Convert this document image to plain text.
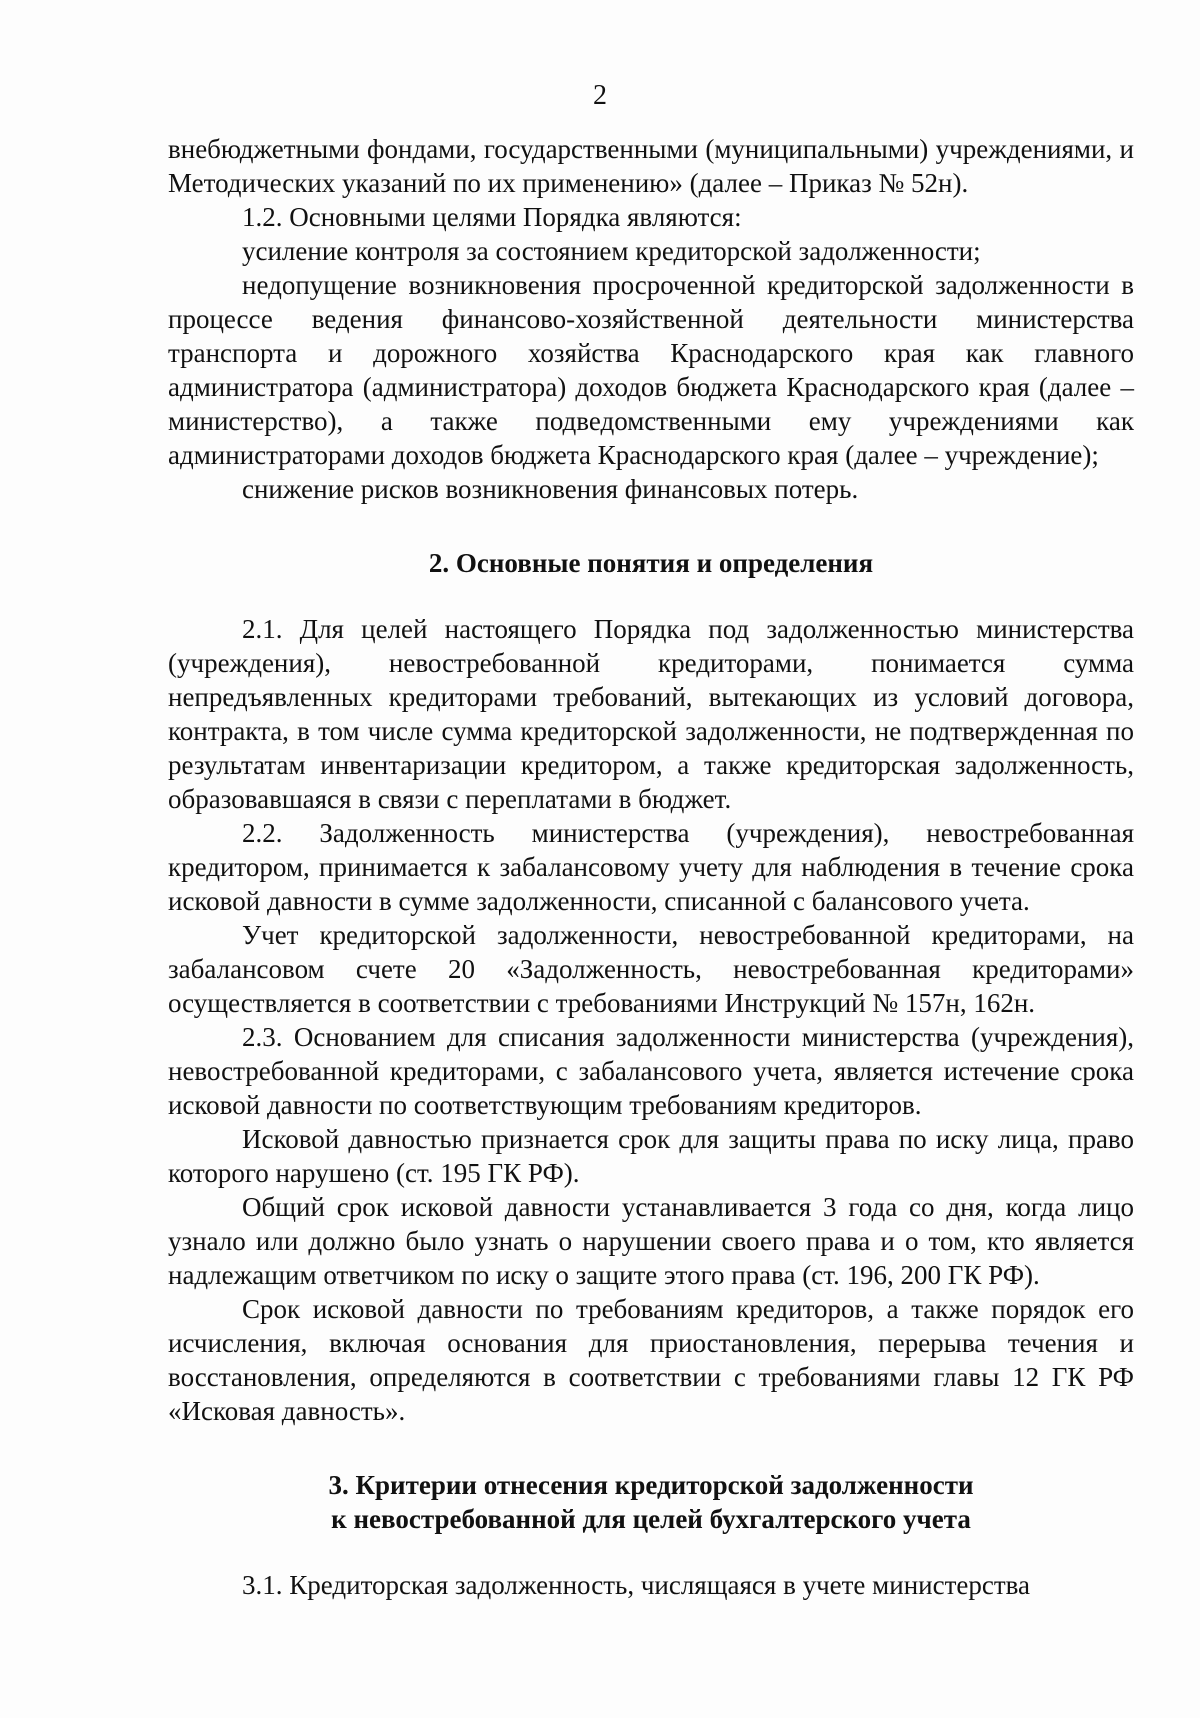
2

внебюджетными фондами, государственными (муниципальными) учреждениями, и Методических указаний по их применению» (далее – Приказ № 52н).

1.2. Основными целями Порядка являются:

усиление контроля за состоянием кредиторской задолженности;

недопущение возникновения просроченной кредиторской задолженности в процессе ведения финансово-хозяйственной деятельности министерства транспорта и дорожного хозяйства Краснодарского края как главного администратора (администратора) доходов бюджета Краснодарского края (далее – министерство), а также подведомственными ему учреждениями как администраторами доходов бюджета Краснодарского края (далее – учреждение);

снижение рисков возникновения финансовых потерь.

2. Основные понятия и определения

2.1. Для целей настоящего Порядка под задолженностью министерства (учреждения), невостребованной кредиторами, понимается сумма непредъявленных кредиторами требований, вытекающих из условий договора, контракта, в том числе сумма кредиторской задолженности, не подтвержденная по результатам инвентаризации кредитором, а также кредиторская задолженность, образовавшаяся в связи с переплатами в бюджет.

2.2. Задолженность министерства (учреждения), невостребованная кредитором, принимается к забалансовому учету для наблюдения в течение срока исковой давности в сумме задолженности, списанной с балансового учета.

Учет кредиторской задолженности, невостребованной кредиторами, на забалансовом счете 20 «Задолженность, невостребованная кредиторами» осуществляется в соответствии с требованиями Инструкций № 157н, 162н.

2.3. Основанием для списания задолженности министерства (учреждения), невостребованной кредиторами, с забалансового учета, является истечение срока исковой давности по соответствующим требованиям кредиторов.

Исковой давностью признается срок для защиты права по иску лица, право которого нарушено (ст. 195 ГК РФ).

Общий срок исковой давности устанавливается 3 года со дня, когда лицо узнало или должно было узнать о нарушении своего права и о том, кто является надлежащим ответчиком по иску о защите этого права (ст. 196, 200 ГК РФ).

Срок исковой давности по требованиям кредиторов, а также порядок его исчисления, включая основания для приостановления, перерыва течения и восстановления, определяются в соответствии с требованиями главы 12 ГК РФ «Исковая давность».

3. Критерии отнесения кредиторской задолженности
к невостребованной для целей бухгалтерского учета

3.1. Кредиторская задолженность, числящаяся в учете министерства
